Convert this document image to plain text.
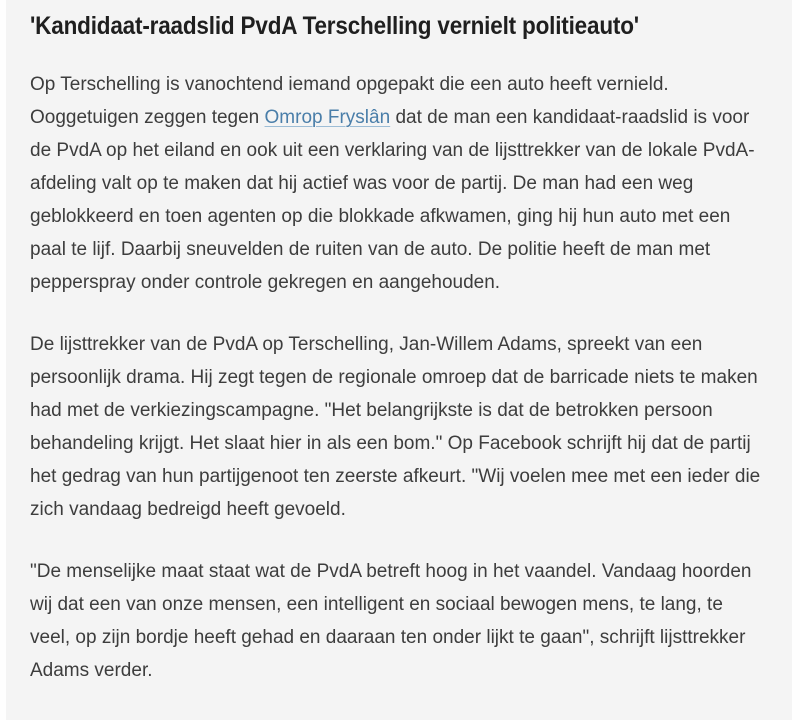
'Kandidaat-raadslid PvdA Terschelling vernielt politieauto'

Op Terschelling is vanochtend iemand opgepakt die een auto heeft vernield. Ooggetuigen zeggen tegen Omrop Fryslân dat de man een kandidaat-raadslid is voor de PvdA op het eiland en ook uit een verklaring van de lijsttrekker van de lokale PvdA-afdeling valt op te maken dat hij actief was voor de partij. De man had een weg geblokkeerd en toen agenten op die blokkade afkwamen, ging hij hun auto met een paal te lijf. Daarbij sneuvelden de ruiten van de auto. De politie heeft de man met pepperspray onder controle gekregen en aangehouden.

De lijsttrekker van de PvdA op Terschelling, Jan-Willem Adams, spreekt van een persoonlijk drama. Hij zegt tegen de regionale omroep dat de barricade niets te maken had met de verkiezingscampagne. "Het belangrijkste is dat de betrokken persoon behandeling krijgt. Het slaat hier in als een bom." Op Facebook schrijft hij dat de partij het gedrag van hun partijgenoot ten zeerste afkeurt. "Wij voelen mee met een ieder die zich vandaag bedreigd heeft gevoeld.

"De menselijke maat staat wat de PvdA betreft hoog in het vaandel. Vandaag hoorden wij dat een van onze mensen, een intelligent en sociaal bewogen mens, te lang, te veel, op zijn bordje heeft gehad en daaraan ten onder lijkt te gaan", schrijft lijsttrekker Adams verder.
